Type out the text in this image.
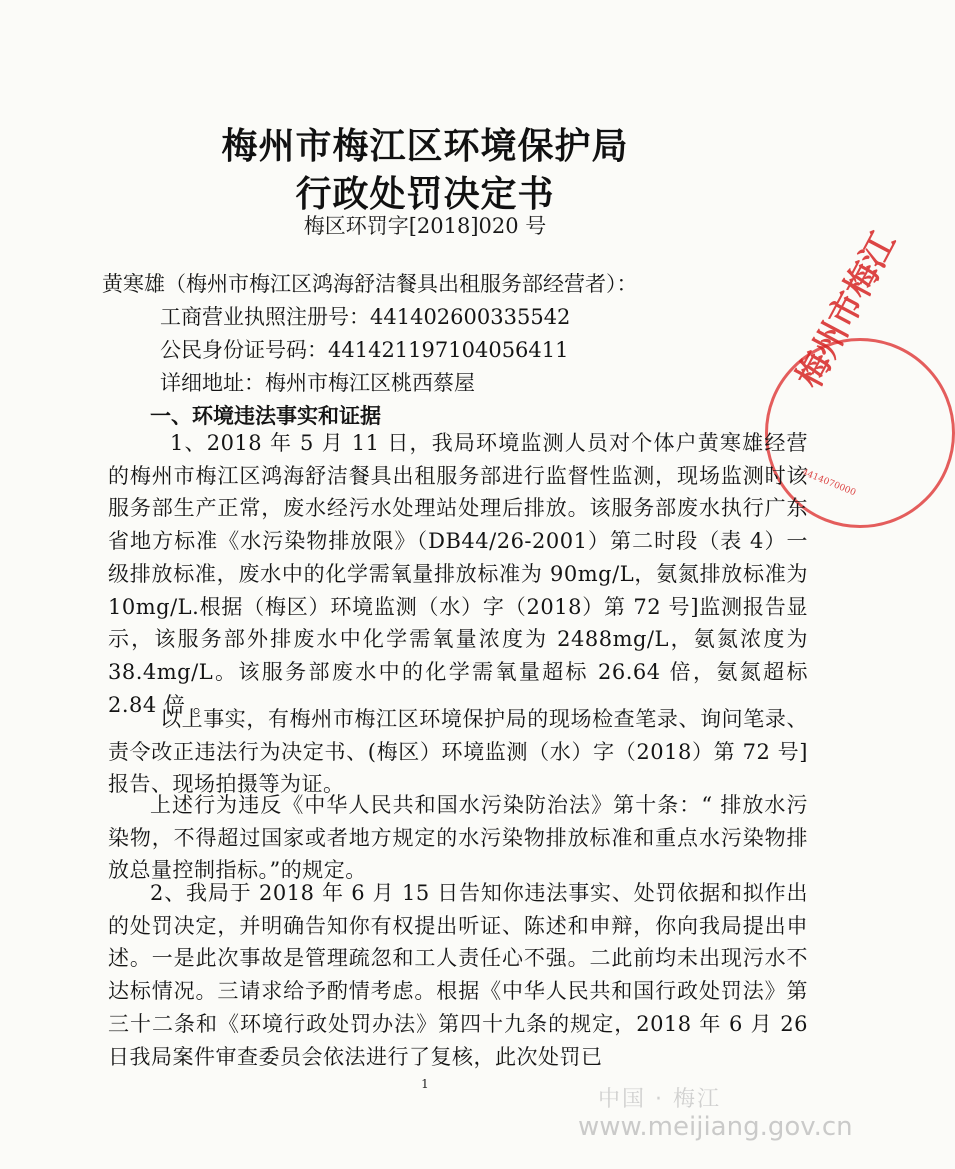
梅州市梅江
4414070000
梅州市梅江区环境保护局
行政处罚决定书
梅区环罚字[2018]020 号
黄寒雄（梅州市梅江区鸿海舒洁餐具出租服务部经营者）：
工商营业执照注册号：441402600335542
公民身份证号码：441421197104056411
详细地址：梅州市梅江区桃西蔡屋
一、环境违法事实和证据
1、2018 年 5 月 11 日，我局环境监测人员对个体户黄寒雄经营的梅州市梅江区鸿海舒洁餐具出租服务部进行监督性监测，现场监测时该服务部生产正常，废水经污水处理站处理后排放。该服务部废水执行广东省地方标准《水污染物排放限》（DB44/26-2001）第二时段（表 4）一级排放标准，废水中的化学需氧量排放标准为 90mg/L，氨氮排放标准为 10mg/L.根据（梅区）环境监测（水）字（2018）第 72 号]监测报告显示，该服务部外排废水中化学需氧量浓度为 2488mg/L，氨氮浓度为 38.4mg/L。该服务部废水中的化学需氧量超标 26.64 倍，氨氮超标 2.84 倍 。
以上事实，有梅州市梅江区环境保护局的现场检查笔录、询问笔录、责令改正违法行为决定书、(梅区）环境监测（水）字（2018）第 72 号]报告、现场拍摄等为证。
上述行为违反《中华人民共和国水污染防治法》第十条：“ 排放水污染物，不得超过国家或者地方规定的水污染物排放标准和重点水污染物排放总量控制指标。”的规定。
2、我局于 2018 年 6 月 15 日告知你违法事实、处罚依据和拟作出的处罚决定，并明确告知你有权提出听证、陈述和申辩，你向我局提出申述。一是此次事故是管理疏忽和工人责任心不强。二此前均未出现污水不达标情况。三请求给予酌情考虑。根据《中华人民共和国行政处罚法》第三十二条和《环境行政处罚办法》第四十九条的规定，2018 年 6 月 26 日我局案件审查委员会依法进行了复核，此次处罚已
1
中国 · 梅江
www.meijiang.gov.cn
